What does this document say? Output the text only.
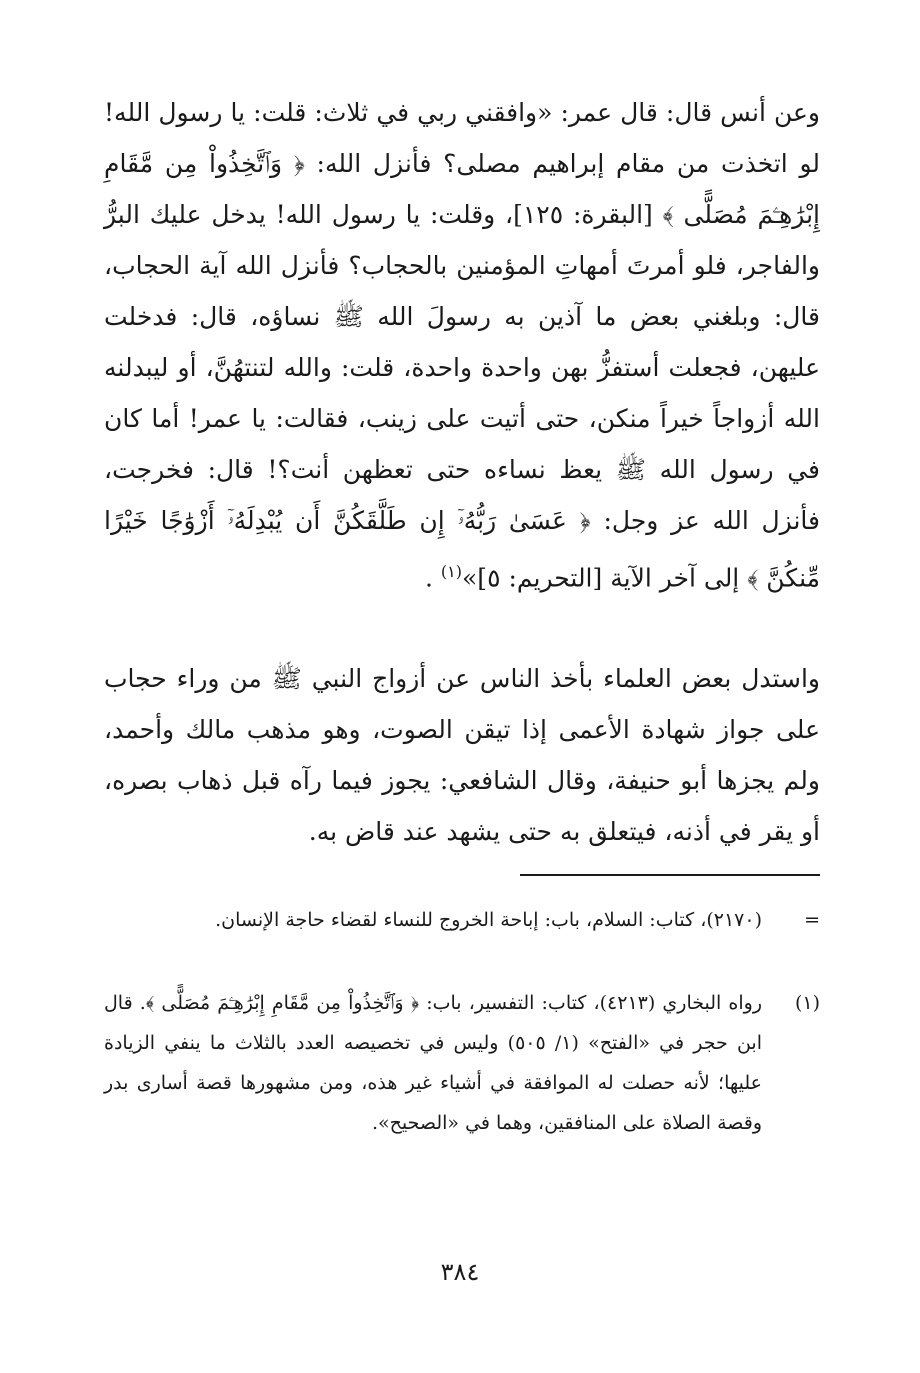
وعن أنس قال: قال عمر: «وافقني ربي في ثلاث: قلت: يا رسول الله! لو اتخذت من مقام إبراهيم مصلى؟ فأنزل الله: ﴿ وَٱتَّخِذُواْ مِن مَّقَامِ إِبْرَٰهِـۧمَ مُصَلًّى ﴾ [البقرة: ١٢٥]، وقلت: يا رسول الله! يدخل عليك البرُّ والفاجر، فلو أمرتَ أمهاتِ المؤمنين بالحجاب؟ فأنزل الله آية الحجاب، قال: وبلغني بعض ما آذين به رسولَ الله ﷺ نساؤه، قال: فدخلت عليهن، فجعلت أستفزُّ بهن واحدة واحدة، قلت: والله لتنتهُنَّ، أو ليبدلنه الله أزواجاً خيراً منكن، حتى أتيت على زينب، فقالت: يا عمر! أما كان في رسول الله ﷺ يعظ نساءه حتى تعظهن أنت؟! قال: فخرجت، فأنزل الله عز وجل: ﴿ عَسَىٰ رَبُّهُۥٓ إِن طَلَّقَكُنَّ أَن يُبْدِلَهُۥٓ أَزْوَٰجًا خَيْرًا مِّنكُنَّ ﴾ إلى آخر الآية [التحريم: ٥]»$^{(١)}$ .

واستدل بعض العلماء بأخذ الناس عن أزواج النبي ﷺ من وراء حجاب على جواز شهادة الأعمى إذا تيقن الصوت، وهو مذهب مالك وأحمد، ولم يجزها أبو حنيفة، وقال الشافعي: يجوز فيما رآه قبل ذهاب بصره، أو يقر في أذنه، فيتعلق به حتى يشهد عند قاض به.

=
(٢١٧٠)، كتاب: السلام، باب: إباحة الخروج للنساء لقضاء حاجة الإنسان.
(١)
رواه البخاري (٤٢١٣)، كتاب: التفسير، باب: ﴿ وَٱتَّخِذُواْ مِن مَّقَامِ إِبْرَٰهِـۧمَ مُصَلًّى ﴾. قال ابن حجر في «الفتح» (١/ ٥٠٥) وليس في تخصيصه العدد بالثلاث ما ينفي الزيادة عليها؛ لأنه حصلت له الموافقة في أشياء غير هذه، ومن مشهورها قصة أسارى بدر وقصة الصلاة على المنافقين، وهما في «الصحيح».
٣٨٤
